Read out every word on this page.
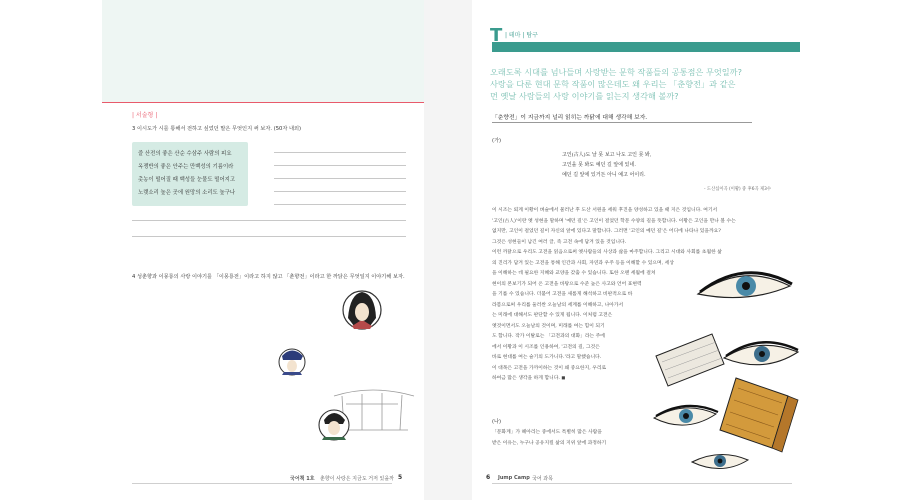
| 서술형 |
3 이시도가 시를 통해서 전하고 싶었던 말은 무엇인지 써 보자. (50자 내외)
즐 산전의 좋은 산순 수삼주 사람의 피요
옥쟁반의 좋은 안주는 만백성의 기름이라
촛농이 떨어질 때 백성들 눈물도 떨어지고
노랫소리 높은 곳에 원망의 소리도 높구나
4 성춘향과 이몽룡의 사랑 이야기를 「이몽룡전」이라고 하지 않고 「춘향전」이라고 한 까닭은 무엇일지 이야기해 보자.
국어책 1호 춘향이 사랑은 지금도 거저 있을까 5
T | 테마 | 탐구
오래도록 시대를 넘나들며 사랑받는 문학 작품들의 공통점은 무엇일까?
사랑을 다룬 현대 문학 작품이 많은데도 왜 우리는 「춘향전」과 같은
먼 옛날 사람들의 사랑 이야기를 읽는지 생각해 볼까?
「춘향전」이 지금까지 널리 읽히는 까닭에 대해 생각해 보자.
(가)
고인(古人)도 날 못 보고 나도 고인 못 봐,
고인을 못 봐도 예던 길 앞에 있네.
예던 길 앞에 있거든 아니 예고 어이리.
- 도산십이곡 (이황) 중 후6곡 제3수

이 시조는 퇴계 이황이 벼슬에서 물러난 후 도산 서원을 세워 후진을 양성하고 있을 때 지은 것입니다. 여기서

'고인(古人)'이란 옛 성현을 말하며 '예던 길'은 고인이 걸었던 학문 수양의 길을 뜻합니다. 이황은 고인을 만나 볼 수는

없지만, 고인이 걸었던 길이 자신의 앞에 있다고 말합니다. 그러면 '고인의 예던 길'은 어디에 나타나 있을까요?

그것은 성현들이 남긴 여러 글, 즉 고전 속에 담겨 있을 것입니다.

이런 까닭으로 우리도 고전을 읽음으로써 옛사람들의 사상과 삶을 마주합니다. 그리고 시대와 사회를 초월한 삶

의 진리가 담겨 있는 고전을 통해 인간과 사회, 자연과 우주 등을 이해할 수 있으며, 세상

을 이해하는 데 필요한 지혜와 교양을 갖출 수 있습니다. 또한 오랜 세월에 걸쳐

현이의 본보기가 되어 온 고전을 바탕으로 수준 높은 사고와 언어 표현력

을 기를 수 있습니다. 더불어 고전을 새롭게 해석하고 비판적으로 바

라봄으로써 우리를 둘러싼 오늘날의 세계를 이해하고, 나아가서

는 미래에 대해서도 판단할 수 있게 됩니다. 이처럼 고전은

옛것이면서도 오늘날의 것이며, 미래를 여는 힘이 되기

도 합니다. 작가 이탈로는 「고전과의 대화」라는 주에

에서 이황과 이 시조를 인용하여, '고전의 길, 그것은

바로 현대를 여는 슬기의 도가니다.'라고 말했습니다.

이 대목은 고전을 가까이하는 것이 왜 중요한지, 우리로

하여금 많은 생각을 하게 합니다. ◼

(나)

「문화계」가 헤아리는 중에서도 특별히 많은 사람을

받은 이유는, 누구나 공유지킬 삶의 지위 앞에 과정하기

6 Jump Camp 국어 과목
